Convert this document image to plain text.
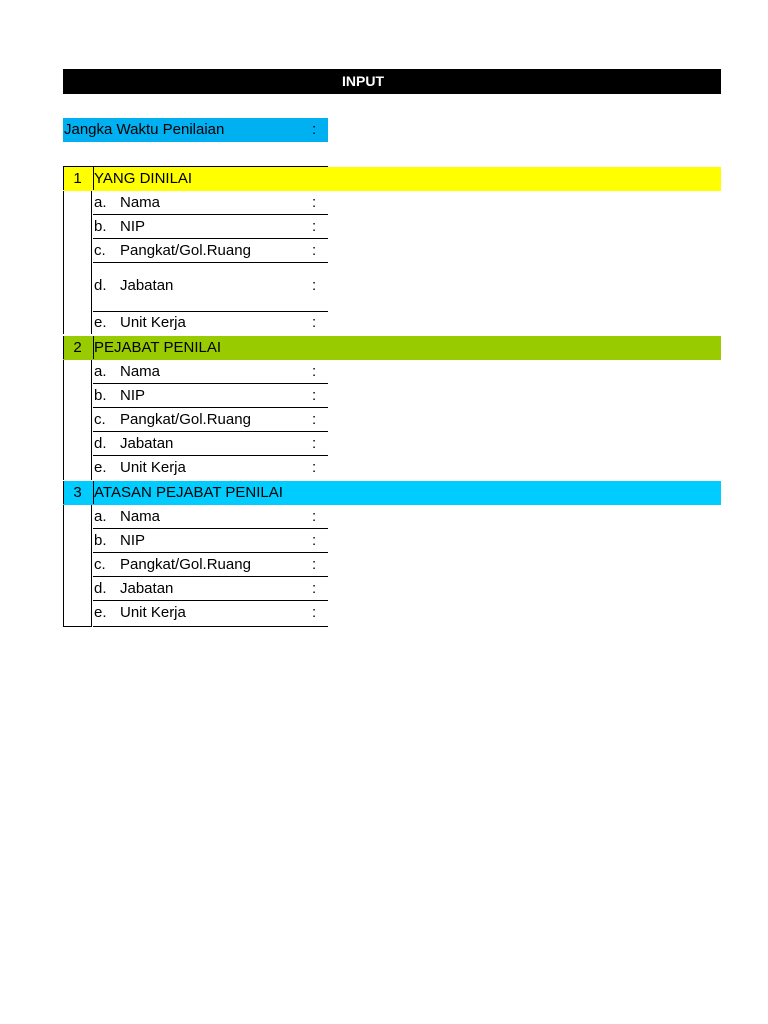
INPUT
Jangka Waktu Penilaian	:
1 YANG DINILAI
a. Nama	:
b. NIP	:
c. Pangkat/Gol.Ruang	:
d. Jabatan	:
e. Unit Kerja	:
2 PEJABAT PENILAI
a. Nama	:
b. NIP	:
c. Pangkat/Gol.Ruang	:
d. Jabatan	:
e. Unit Kerja	:
3 ATASAN PEJABAT PENILAI
a. Nama	:
b. NIP	:
c. Pangkat/Gol.Ruang	:
d. Jabatan	:
e. Unit Kerja	:
